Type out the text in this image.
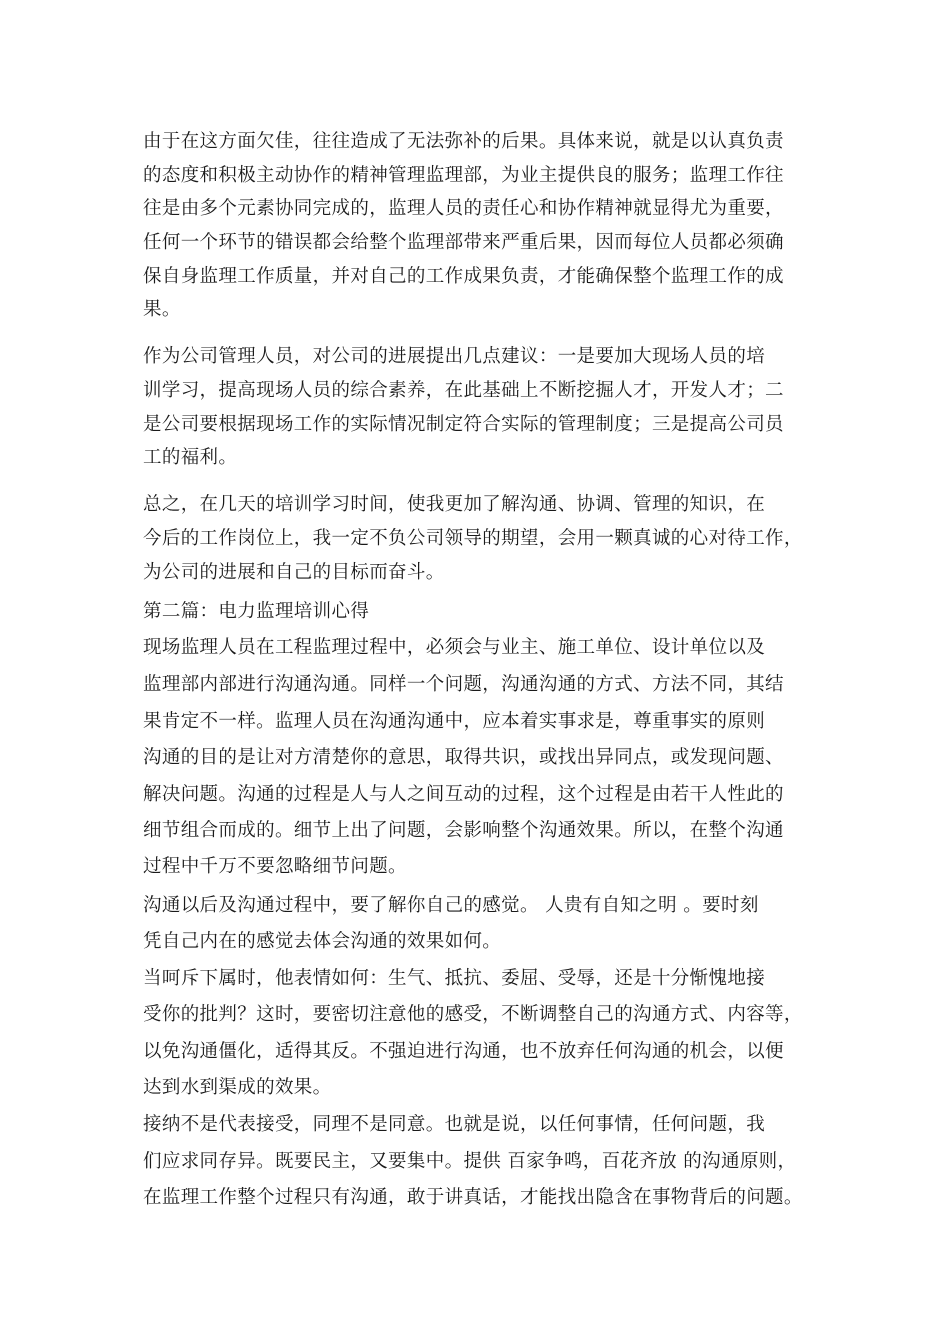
由于在这方面欠佳，往往造成了无法弥补的后果。具体来说，就是以认真负责
的态度和积极主动协作的精神管理监理部，为业主提供良的服务；监理工作往
往是由多个元素协同完成的，监理人员的责任心和协作精神就显得尤为重要，
任何一个环节的错误都会给整个监理部带来严重后果，因而每位人员都必须确
保自身监理工作质量，并对自己的工作成果负责，才能确保整个监理工作的成
果。
作为公司管理人员，对公司的进展提出几点建议：一是要加大现场人员的培
训学习，提高现场人员的综合素养，在此基础上不断挖掘人才，开发人才；二
是公司要根据现场工作的实际情况制定符合实际的管理制度；三是提高公司员
工的福利。
总之，在几天的培训学习时间，使我更加了解沟通、协调、管理的知识，在
今后的工作岗位上，我一定不负公司领导的期望，会用一颗真诚的心对待工作，
为公司的进展和自己的目标而奋斗。
第二篇：电力监理培训心得
现场监理人员在工程监理过程中，必须会与业主、施工单位、设计单位以及
监理部内部进行沟通沟通。同样一个问题，沟通沟通的方式、方法不同，其结
果肯定不一样。监理人员在沟通沟通中，应本着实事求是，尊重事实的原则
沟通的目的是让对方清楚你的意思，取得共识，或找出异同点，或发现问题、
解决问题。沟通的过程是人与人之间互动的过程，这个过程是由若干人性此的
细节组合而成的。细节上出了问题，会影响整个沟通效果。所以，在整个沟通
过程中千万不要忽略细节问题。
沟通以后及沟通过程中，要了解你自己的感觉。 人贵有自知之明 。要时刻
凭自己内在的感觉去体会沟通的效果如何。
当呵斥下属时，他表情如何：生气、抵抗、委屈、受辱，还是十分惭愧地接
受你的批判？这时，要密切注意他的感受，不断调整自己的沟通方式、内容等，
以免沟通僵化，适得其反。不强迫进行沟通，也不放弃任何沟通的机会，以便
达到水到渠成的效果。
接纳不是代表接受，同理不是同意。也就是说，以任何事情，任何问题，我
们应求同存异。既要民主，又要集中。提供 百家争鸣，百花齐放 的沟通原则，
在监理工作整个过程只有沟通，敢于讲真话，才能找出隐含在事物背后的问题。
